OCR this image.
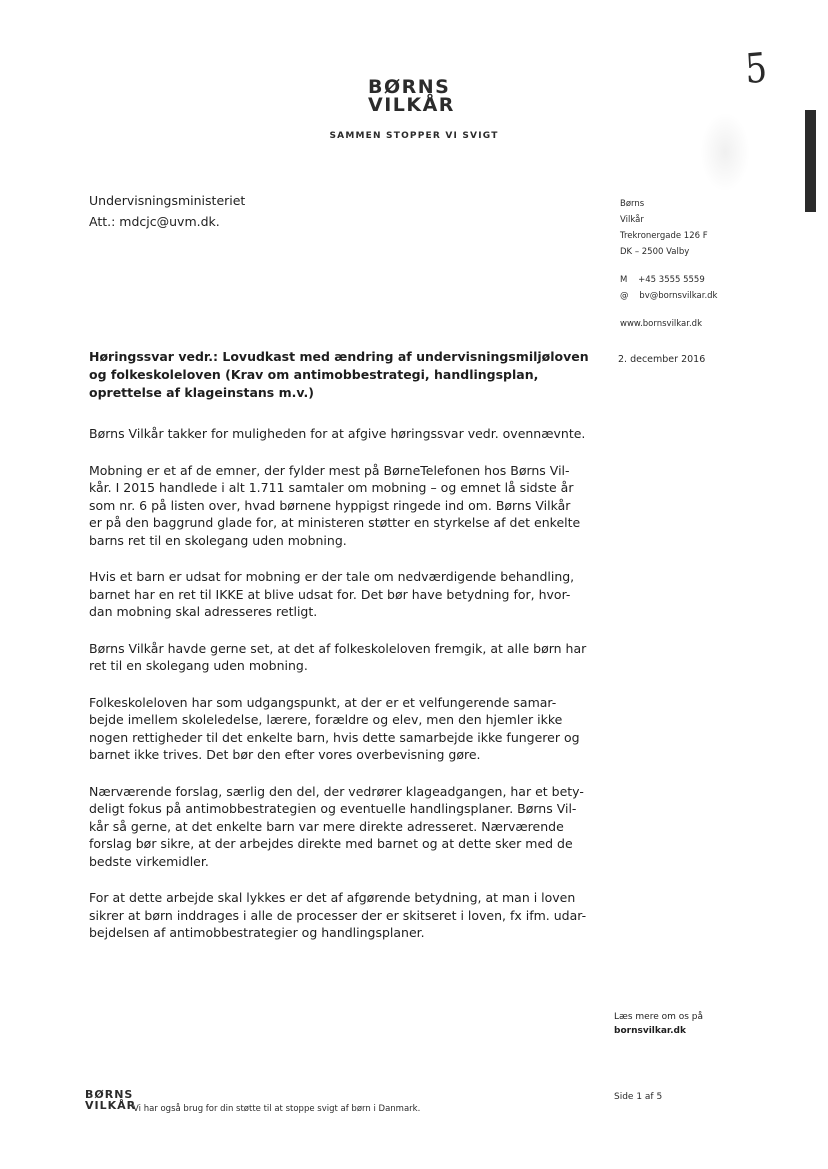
5
BØRNS
VILKÅR
SAMMEN STOPPER VI SVIGT
Undervisningsministeriet
Att.: mdcjc@uvm.dk.
Børns
Vilkår
Trekronergade 126 F
DK – 2500 Valby
M    +45 3555 5559
@    bv@bornsvilkar.dk
www.bornsvilkar.dk
2. december 2016
Høringssvar vedr.: Lovudkast med ændring af undervisningsmiljøloven og folkeskoleloven (Krav om antimobbestrategi, handlingsplan, oprettelse af klageinstans m.v.)

Børns Vilkår takker for muligheden for at afgive høringssvar vedr. ovennævnte.

Mobning er et af de emner, der fylder mest på BørneTelefonen hos Børns Vil-
kår. I 2015 handlede i alt 1.711 samtaler om mobning – og emnet lå sidste år
som nr. 6 på listen over, hvad børnene hyppigst ringede ind om. Børns Vilkår
er på den baggrund glade for, at ministeren støtter en styrkelse af det enkelte
barns ret til en skolegang uden mobning.

Hvis et barn er udsat for mobning er der tale om nedværdigende behandling,
barnet har en ret til IKKE at blive udsat for. Det bør have betydning for, hvor-
dan mobning skal adresseres retligt.

Børns Vilkår havde gerne set, at det af folkeskoleloven fremgik, at alle børn har
ret til en skolegang uden mobning.

Folkeskoleloven har som udgangspunkt, at der er et velfungerende samar-
bejde imellem skoleledelse, lærere, forældre og elev, men den hjemler ikke
nogen rettigheder til det enkelte barn, hvis dette samarbejde ikke fungerer og
barnet ikke trives. Det bør den efter vores overbevisning gøre.

Nærværende forslag, særlig den del, der vedrører klageadgangen, har et bety-
deligt fokus på antimobbestrategien og eventuelle handlingsplaner. Børns Vil-
kår så gerne, at det enkelte barn var mere direkte adresseret. Nærværende
forslag bør sikre, at der arbejdes direkte med barnet og at dette sker med de
bedste virkemidler.

For at dette arbejde skal lykkes er det af afgørende betydning, at man i loven
sikrer at børn inddrages i alle de processer der er skitseret i loven, fx ifm. udar-
bejdelsen af antimobbestrategier og handlingsplaner.

Læs mere om os på
bornsvilkar.dk
BØRNS
VILKÅR
Vi har også brug for din støtte til at stoppe svigt af børn i Danmark.
Side 1 af 5
